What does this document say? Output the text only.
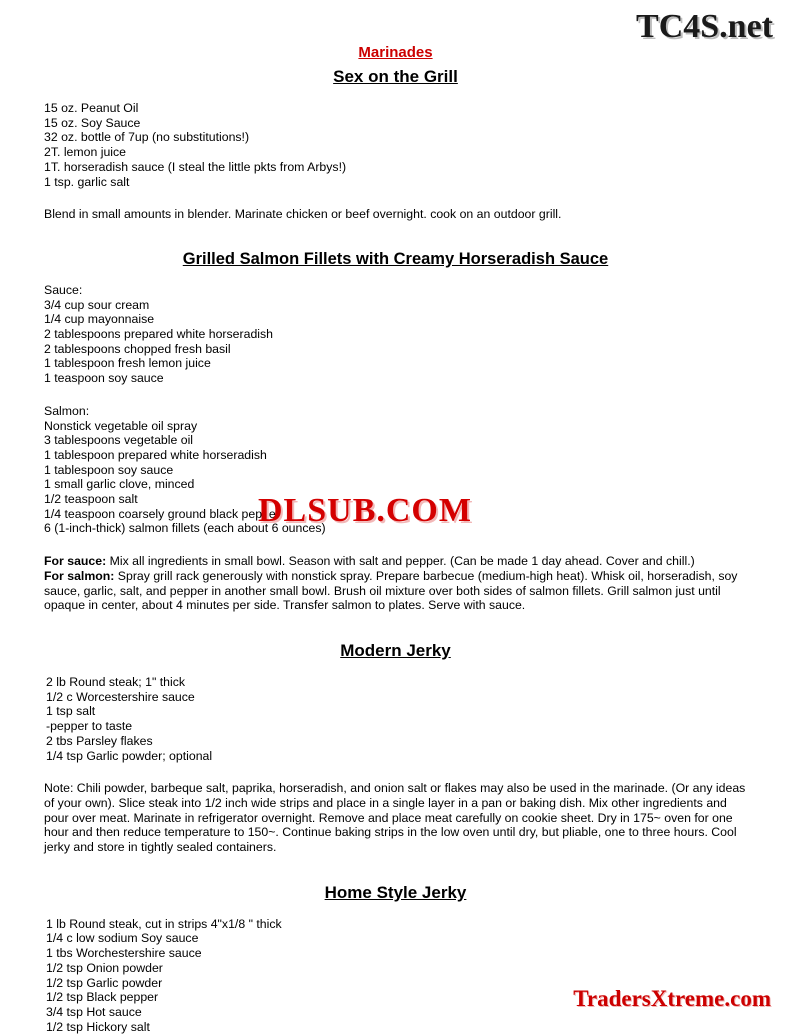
Marinades
Sex on the Grill
15 oz. Peanut Oil
15 oz. Soy Sauce
32 oz. bottle of 7up (no substitutions!)
2T. lemon juice
1T. horseradish sauce (I steal the little pkts from Arbys!)
1 tsp. garlic salt
Blend in small amounts in blender. Marinate chicken or beef overnight. cook on an outdoor grill.
Grilled Salmon Fillets with Creamy Horseradish Sauce
Sauce:
3/4 cup sour cream
1/4 cup mayonnaise
2 tablespoons prepared white horseradish
2 tablespoons chopped fresh basil
1 tablespoon fresh lemon juice
1 teaspoon soy sauce
Salmon:
Nonstick vegetable oil spray
3 tablespoons vegetable oil
1 tablespoon prepared white horseradish
1 tablespoon soy sauce
1 small garlic clove, minced
1/2 teaspoon salt
1/4 teaspoon coarsely ground black pepper
6 (1-inch-thick) salmon fillets (each about 6 ounces)
For sauce: Mix all ingredients in small bowl. Season with salt and pepper. (Can be made 1 day ahead. Cover and chill.)
For salmon: Spray grill rack generously with nonstick spray. Prepare barbecue (medium-high heat). Whisk oil, horseradish, soy sauce, garlic, salt, and pepper in another small bowl. Brush oil mixture over both sides of salmon fillets. Grill salmon just until opaque in center, about 4 minutes per side. Transfer salmon to plates. Serve with sauce.
Modern Jerky
2 lb Round steak; 1" thick
1/2 c Worcestershire sauce
1 tsp salt
-pepper to taste
2 tbs Parsley flakes
1/4 tsp Garlic powder; optional
Note: Chili powder, barbeque salt, paprika, horseradish, and onion salt or flakes may also be used in the marinade. (Or any ideas of your own). Slice steak into 1/2 inch wide strips and place in a single layer in a pan or baking dish. Mix other ingredients and pour over meat. Marinate in refrigerator overnight. Remove and place meat carefully on cookie sheet. Dry in 175~ oven for one hour and then reduce temperature to 150~. Continue baking strips in the low oven until dry, but pliable, one to three hours. Cool jerky and store in tightly sealed containers.
Home Style Jerky
1 lb Round steak, cut in strips 4"x1/8 " thick
1/4 c low sodium Soy sauce
1 tbs Worchestershire sauce
1/2 tsp Onion powder
1/2 tsp Garlic powder
1/2 tsp Black pepper
3/4 tsp Hot sauce
1/2 tsp Hickory salt
TC4S.net
DLSUB.COM
TradersXtreme.com
